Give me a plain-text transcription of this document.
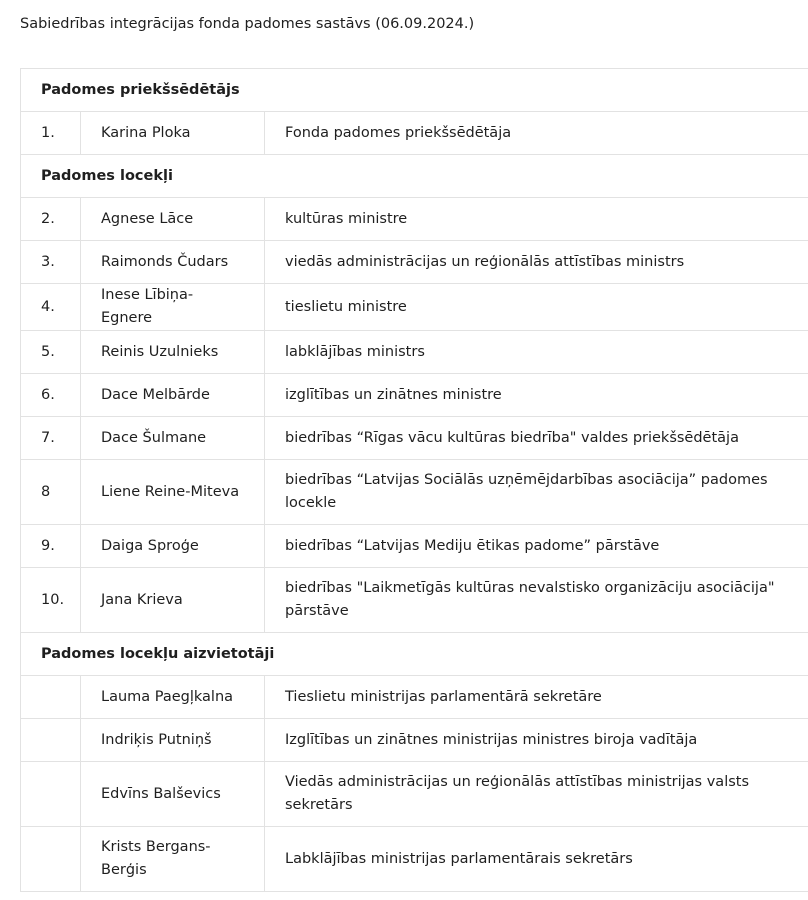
Sabiedrības integrācijas fonda padomes sastāvs (06.09.2024.)

Padomes priekšsēdētājs		
1.	Karina Ploka	Fonda padomes priekšsēdētāja
Padomes locekļi		
2.	Agnese Lāce	kultūras ministre
3.	Raimonds Čudars	viedās administrācijas un reģionālās attīstības ministrs
4.	Inese Lībiņa-Egnere	tieslietu ministre
5.	Reinis Uzulnieks	labklājības ministrs
6.	Dace Melbārde	izglītības un zinātnes ministre
7.	Dace Šulmane	biedrības “Rīgas vācu kultūras biedrība" valdes priekšsēdētāja
8	Liene Reine-Miteva	biedrības “Latvijas Sociālās uzņēmējdarbības asociācija” padomes locekle
9.	Daiga Sproģe	biedrības “Latvijas Mediju ētikas padome” pārstāve
10.	Jana Krieva	biedrības "Laikmetīgās kultūras nevalstisko organizāciju asociācija" pārstāve
Padomes locekļu aizvietotāji		
	Lauma Paegļkalna	Tieslietu ministrijas parlamentārā sekretāre
	Indriķis Putniņš	Izglītības un zinātnes ministrijas ministres biroja vadītāja
	Edvīns Balševics	Viedās administrācijas un reģionālās attīstības ministrijas valsts sekretārs
	Krists Bergans-Berģis	Labklājības ministrijas parlamentārais sekretārs
